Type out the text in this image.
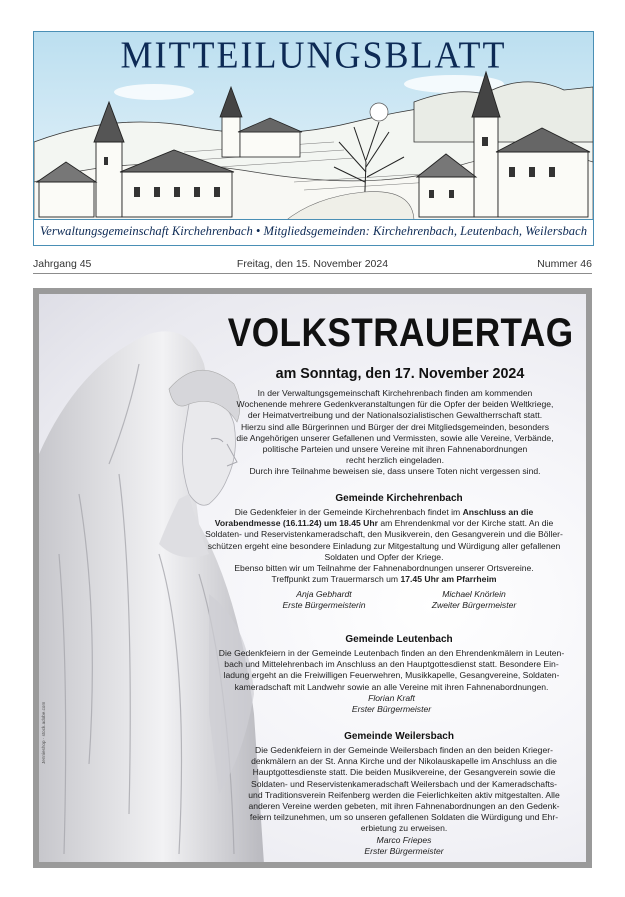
MITTEILUNGSBLATT
Verwaltungsgemeinschaft Kirchehrenbach • Mitgliedsgemeinden: Kirchehrenbach, Leutenbach, Weilersbach
Freitag, den 15. November 2024
Jahrgang 45	Nummer 46
Jennieshop · stock.adobe.com
VOLKSTRAUERTAG
am Sonntag, den 17. November 2024

In der Verwaltungsgemeinschaft Kirchehrenbach finden am kommenden

Wochenende mehrere Gedenkveranstaltungen für die Opfer der beiden Weltkriege,

der Heimatvertreibung und der Nationalsozialistischen Gewaltherrschaft statt.

Hierzu sind alle Bürgerinnen und Bürger der drei Mitgliedsgemeinden, besonders

die Angehörigen unserer Gefallenen und Vermissten, sowie alle Vereine, Verbände,

politische Parteien und unsere Vereine mit ihren Fahnenabordnungen

recht herzlich eingeladen.

Durch ihre Teilnahme beweisen sie, dass unsere Toten nicht vergessen sind.

Gemeinde Kirchehrenbach

Die Gedenkfeier in der Gemeinde Kirchehrenbach findet im Anschluss an die

Vorabendmesse (16.11.24) um 18.45 Uhr am Ehrendenkmal vor der Kirche statt. An die

Soldaten- und Reservistenkameradschaft, den Musikverein, den Gesangverein und die Böller-

schützen ergeht eine besondere Einladung zur Mitgestaltung und Würdigung aller gefallenen

Soldaten und Opfer der Kriege.

Ebenso bitten wir um Teilnahme der Fahnenabordnungen unserer Ortsvereine.

Treffpunkt zum Trauermarsch um 17.45 Uhr am Pfarrheim

Anja Gebhardt
Erste Bürgermeisterin
Michael Knörlein
Zweiter Bürgermeister
Gemeinde Leutenbach

Die Gedenkfeiern in der Gemeinde Leutenbach finden an den Ehrendenkmälern in Leuten-

bach und Mittelehrenbach im Anschluss an den Hauptgottesdienst statt. Besondere Ein-

ladung ergeht an die Freiwilligen Feuerwehren, Musikkapelle, Gesangvereine, Soldaten-

kameradschaft mit Landwehr sowie an alle Vereine mit ihren Fahnenabordnungen.

Florian Kraft

Erster Bürgermeister

Gemeinde Weilersbach

Die Gedenkfeiern in der Gemeinde Weilersbach finden an den beiden Krieger-

denkmälern an der St. Anna Kirche und der Nikolauskapelle im Anschluss an die

Hauptgottesdienste statt. Die beiden Musikvereine, der Gesangverein sowie die

Soldaten- und Reservistenkameradschaft Weilersbach und der Kameradschafts-

und Traditionsverein Reifenberg werden die Feierlichkeiten aktiv mitgestalten. Alle

anderen Vereine werden gebeten, mit ihren Fahnenabordnungen an den Gedenk-

feiern teilzunehmen, um so unseren gefallenen Soldaten die Würdigung und Ehr-

erbietung zu erweisen.

Marco Friepes

Erster Bürgermeister
